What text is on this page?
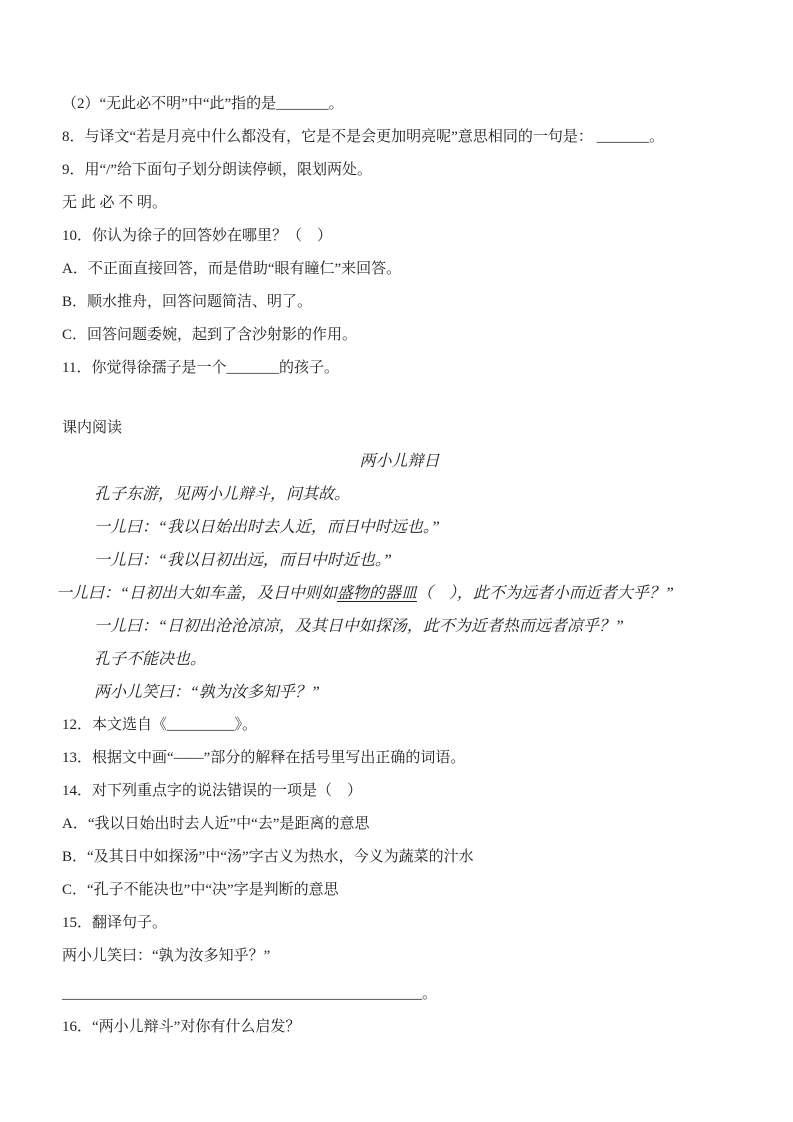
（2）“无此必不明”中“此”指的是_______。

8．与译文“若是月亮中什么都没有，它是不是会更加明亮呢”意思相同的一句是： _______。

9．用“/”给下面句子划分朗读停顿，限划两处。

无 此 必 不 明。

10．你认为徐子的回答妙在哪里？（　）

A．不正面直接回答，而是借助“眼有瞳仁”来回答。

B．顺水推舟，回答问题简洁、明了。

C．回答问题委婉，起到了含沙射影的作用。

11．你觉得徐孺子是一个_______的孩子。

课内阅读

两小儿辩日

孔子东游，见两小儿辩斗，问其故。

一儿曰：“我以日始出时去人近，而日中时远也。”

一儿曰：“我以日初出远，而日中时近也。”

一儿曰：“日初出大如车盖，及日中则如盛物的器皿（　），此不为远者小而近者大乎？”

一儿曰：“日初出沧沧凉凉，及其日中如探汤，此不为近者热而远者凉乎？”

孔子不能决也。

两小儿笑曰：“孰为汝多知乎？”

12．本文选自《_________》。

13．根据文中画“——”部分的解释在括号里写出正确的词语。

14．对下列重点字的说法错误的一项是（　）

A．“我以日始出时去人近”中“去”是距离的意思

B．“及其日中如探汤”中“汤”字古义为热水，今义为蔬菜的汁水

C．“孔子不能决也”中“决”字是判断的意思

15．翻译句子。

两小儿笑曰：“孰为汝多知乎？”

________________________________________________。

16．“两小儿辩斗”对你有什么启发？
